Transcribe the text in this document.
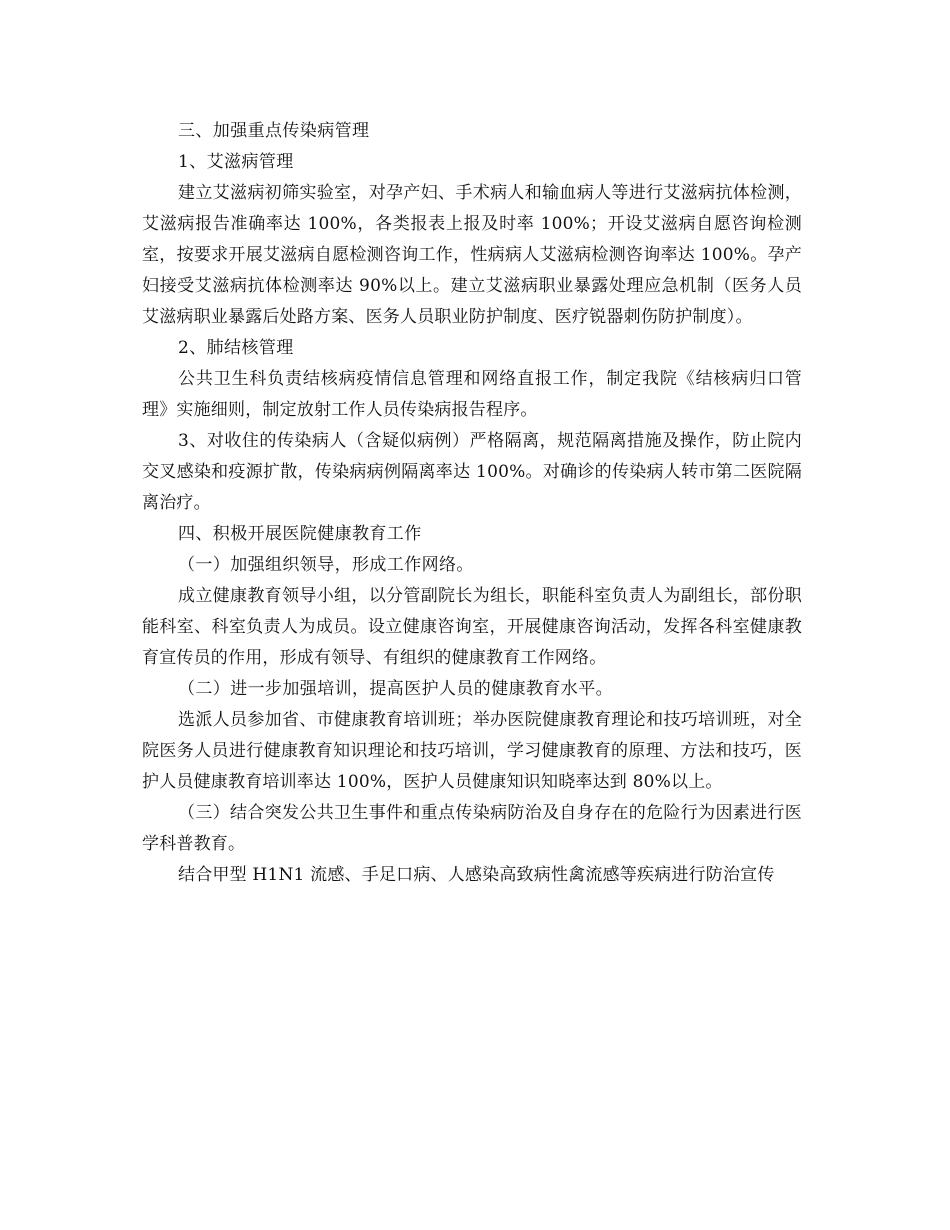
三、加强重点传染病管理

1、艾滋病管理

建立艾滋病初筛实验室，对孕产妇、手术病人和输血病人等进行艾滋病抗体检测，艾滋病报告准确率达 100%，各类报表上报及时率 100%；开设艾滋病自愿咨询检测室，按要求开展艾滋病自愿检测咨询工作，性病病人艾滋病检测咨询率达 100%。孕产妇接受艾滋病抗体检测率达 90%以上。建立艾滋病职业暴露处理应急机制（医务人员艾滋病职业暴露后处路方案、医务人员职业防护制度、医疗锐器刺伤防护制度）。

2、肺结核管理

公共卫生科负责结核病疫情信息管理和网络直报工作，制定我院《结核病归口管理》实施细则，制定放射工作人员传染病报告程序。

3、对收住的传染病人（含疑似病例）严格隔离，规范隔离措施及操作，防止院内交叉感染和疫源扩散，传染病病例隔离率达 100%。对确诊的传染病人转市第二医院隔离治疗。

四、积极开展医院健康教育工作

（一）加强组织领导，形成工作网络。

成立健康教育领导小组，以分管副院长为组长，职能科室负责人为副组长，部份职能科室、科室负责人为成员。设立健康咨询室，开展健康咨询活动，发挥各科室健康教育宣传员的作用，形成有领导、有组织的健康教育工作网络。

（二）进一步加强培训，提高医护人员的健康教育水平。

选派人员参加省、市健康教育培训班；举办医院健康教育理论和技巧培训班，对全院医务人员进行健康教育知识理论和技巧培训，学习健康教育的原理、方法和技巧，医护人员健康教育培训率达 100%，医护人员健康知识知晓率达到 80%以上。

（三）结合突发公共卫生事件和重点传染病防治及自身存在的危险行为因素进行医学科普教育。

结合甲型 H1N1 流感、手足口病、人感染高致病性禽流感等疾病进行防治宣传
